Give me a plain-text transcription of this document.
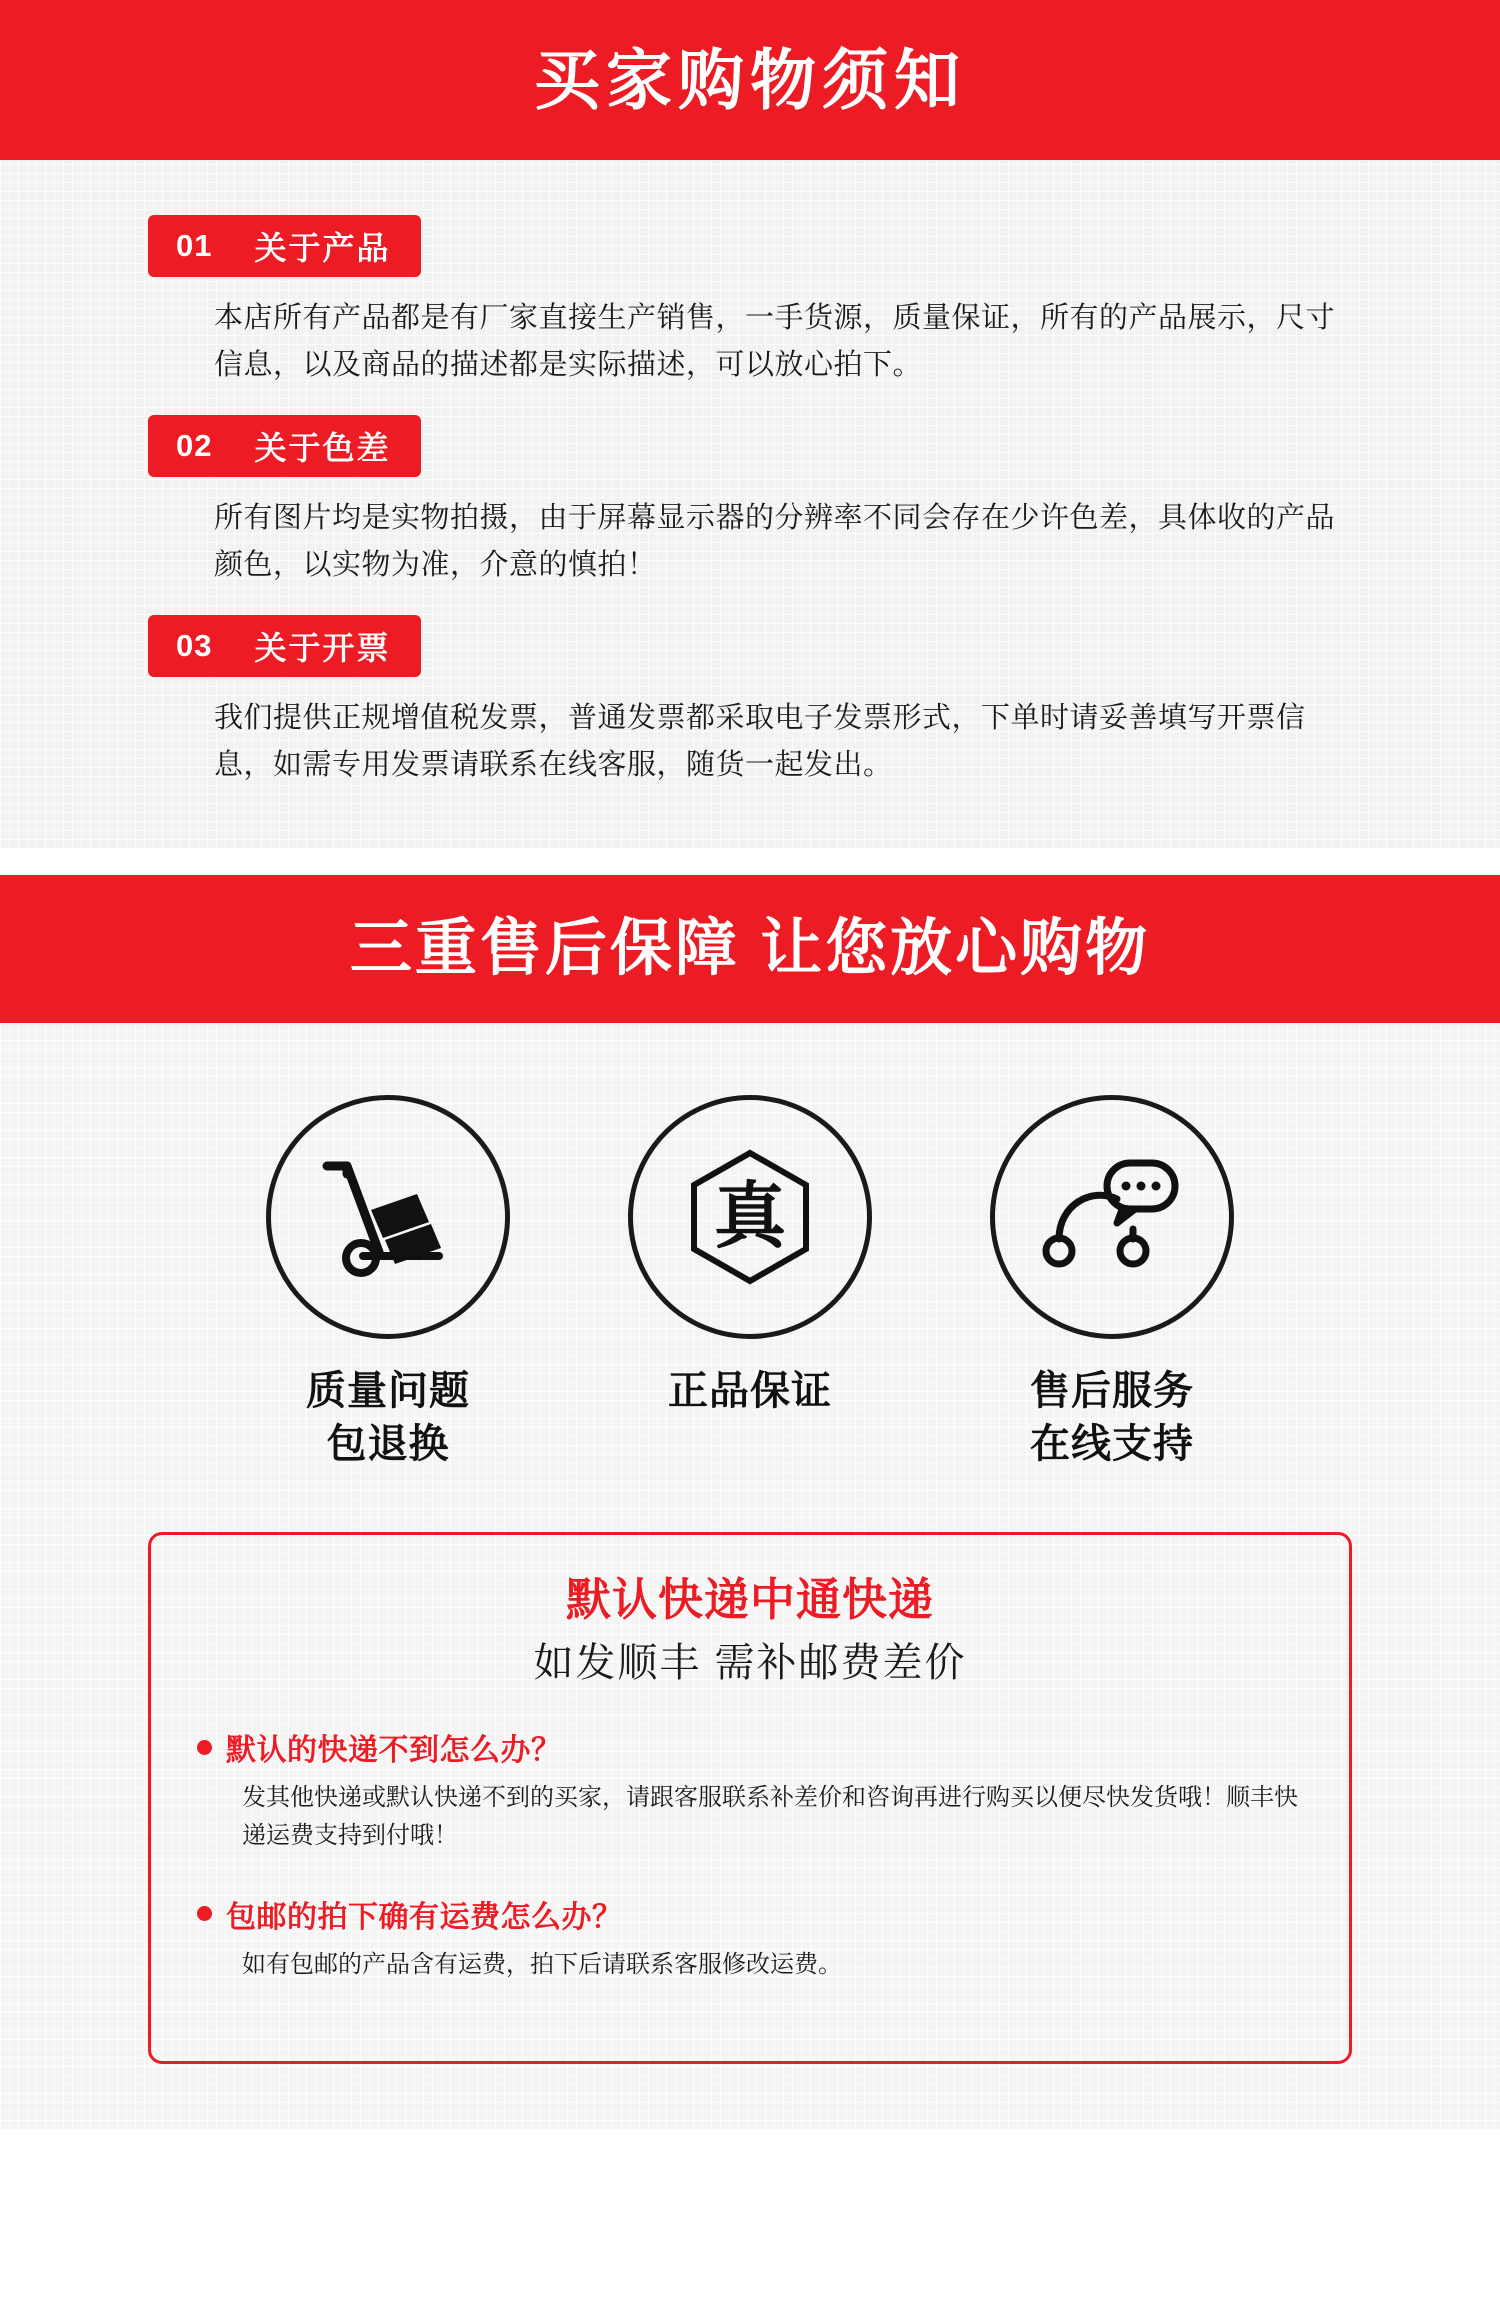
买家购物须知
01 关于产品
本店所有产品都是有厂家直接生产销售，一手货源，质量保证，所有的产品展示，尺寸信息，以及商品的描述都是实际描述，可以放心拍下。
02 关于色差
所有图片均是实物拍摄，由于屏幕显示器的分辨率不同会存在少许色差，具体收的产品颜色，以实物为准，介意的慎拍！
03 关于开票
我们提供正规增值税发票，普通发票都采取电子发票形式，下单时请妥善填写开票信息，如需专用发票请联系在线客服，随货一起发出。
三重售后保障 让您放心购物
质量问题
包退换
真
正品保证	售后服务
在线支持
默认快递中通快递
如发顺丰 需补邮费差价
默认的快递不到怎么办？
发其他快递或默认快递不到的买家，请跟客服联系补差价和咨询再进行购买以便尽快发货哦！顺丰快递运费支持到付哦！
包邮的拍下确有运费怎么办？
如有包邮的产品含有运费，拍下后请联系客服修改运费。
